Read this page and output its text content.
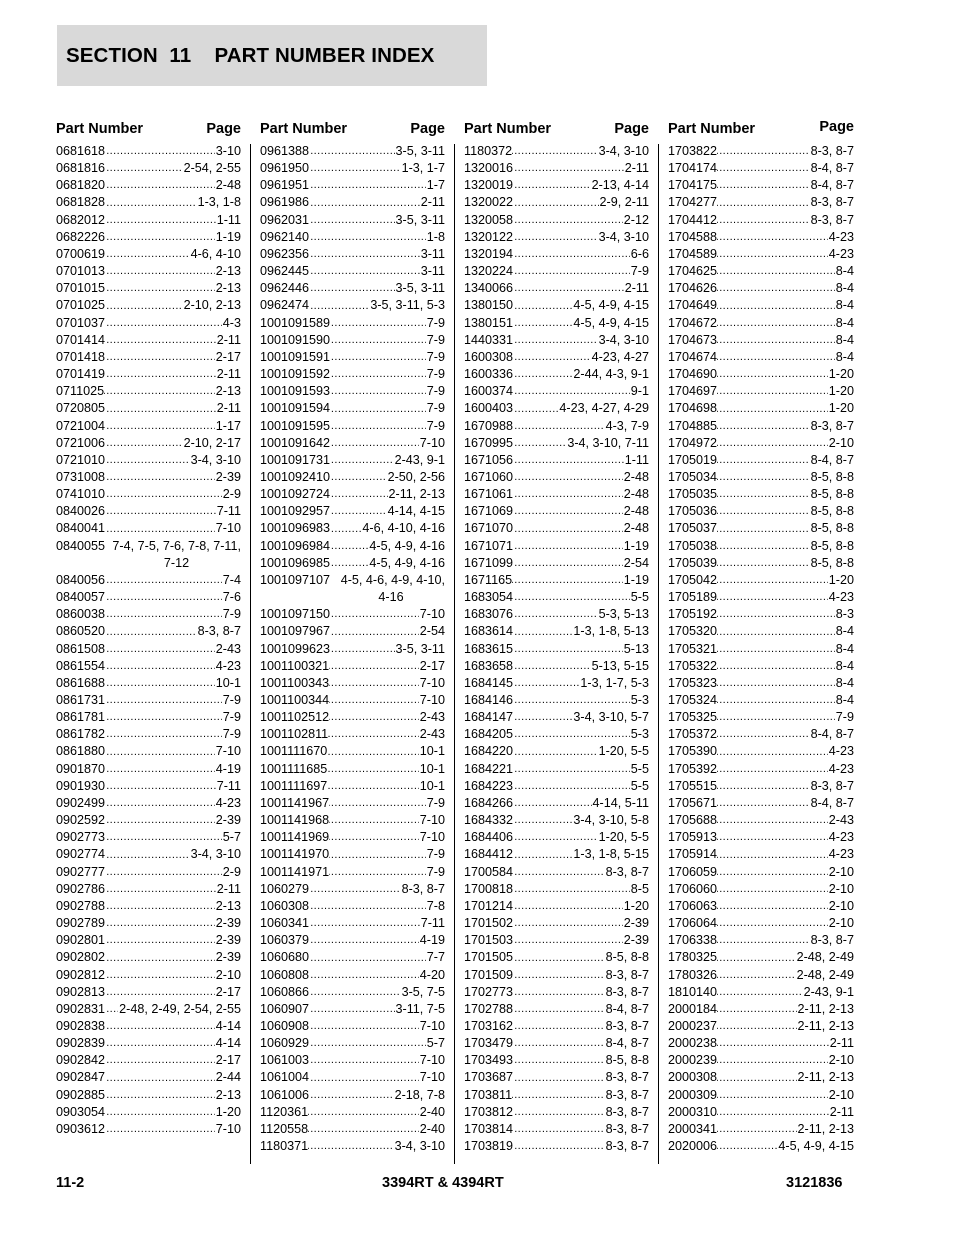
SECTION  11    PART NUMBER INDEX
Part Number	Page
0681618	..... 3-10
0681816	..... 2-54, 2-55
0681820	..... 2-48
0681828	..... 1-3, 1-8
0682012	..... 1-11
0682226	..... 1-19
0700619	..... 4-6, 4-10
0701013	..... 2-13
0701015	..... 2-13
0701025	..... 2-10, 2-13
0701037	..... 4-3
0701414	..... 2-11
0701418	..... 2-17
0701419	..... 2-11
0711025	..... 2-13
0720805	..... 2-11
0721004	..... 1-17
0721006	..... 2-10, 2-17
0721010	..... 3-4, 3-10
0731008	..... 2-39
0741010	..... 2-9
0840026	..... 7-11
0840041	..... 7-10
0840055 7-4, 7-5, 7-6, 7-8, 7-11, 7-12
0840056	..... 7-4
0840057	..... 7-6
0860038	..... 7-9
0860520	..... 8-3, 8-7
0861508	..... 2-43
0861554	..... 4-23
0861688	..... 10-1
0861731	..... 7-9
0861781	..... 7-9
0861782	..... 7-9
0861880	..... 7-10
0901870	..... 4-19
0901930	..... 7-11
0902499	..... 4-23
0902592	..... 2-39
0902773	..... 5-7
0902774	..... 3-4, 3-10
0902777	..... 2-9
0902786	..... 2-11
0902788	..... 2-13
0902789	..... 2-39
0902801	..... 2-39
0902802	..... 2-39
0902812	..... 2-10
0902813	..... 2-17
0902831	..... 2-48, 2-49, 2-54, 2-55
0902838	..... 4-14
0902839	..... 4-14
0902842	..... 2-17
0902847	..... 2-44
0902885	..... 2-13
0903054	..... 1-20
0903612	..... 7-10
Part Number	Page
0961388	..... 3-5, 3-11
0961950	..... 1-3, 1-7
0961951	..... 1-7
0961986	..... 2-11
0962031	..... 3-5, 3-11
0962140	..... 1-8
0962356	..... 3-11
0962445	..... 3-11
0962446	..... 3-5, 3-11
0962474	..... 3-5, 3-11, 5-3
1001091589	..... 7-9
1001091590	..... 7-9
1001091591	..... 7-9
1001091592	..... 7-9
1001091593	..... 7-9
1001091594	..... 7-9
1001091595	..... 7-9
1001091642	..... 7-10
1001091731	..... 2-43, 9-1
1001092410	..... 2-50, 2-56
1001092724	..... 2-11, 2-13
1001092957	..... 4-14, 4-15
1001096983	..... 4-6, 4-10, 4-16
1001096984	..... 4-5, 4-9, 4-16
1001096985	..... 4-5, 4-9, 4-16
1001097107 4-5, 4-6, 4-9, 4-10, 4-16
1001097150	..... 7-10
1001097967	..... 2-54
1001099623	..... 3-5, 3-11
1001100321	..... 2-17
1001100343	..... 7-10
1001100344	..... 7-10
1001102512	..... 2-43
1001102811	..... 2-43
1001111670	..... 10-1
1001111685	..... 10-1
1001111697	..... 10-1
1001141967	..... 7-9
1001141968	..... 7-10
1001141969	..... 7-10
1001141970	..... 7-9
1001141971	..... 7-9
1060279	..... 8-3, 8-7
1060308	..... 7-8
1060341	..... 7-11
1060379	..... 4-19
1060680	..... 7-7
1060808	..... 4-20
1060866	..... 3-5, 7-5
1060907	..... 3-11, 7-5
1060908	..... 7-10
1060929	..... 5-7
1061003	..... 7-10
1061004	..... 7-10
1061006	..... 2-18, 7-8
1120361	..... 2-40
1120558	..... 2-40
1180371	..... 3-4, 3-10
Part Number	Page
1180372	..... 3-4, 3-10
1320016	..... 2-11
1320019	..... 2-13, 4-14
1320022	..... 2-9, 2-11
1320058	..... 2-12
1320122	..... 3-4, 3-10
1320194	..... 6-6
1320224	..... 7-9
1340066	..... 2-11
1380150	..... 4-5, 4-9, 4-15
1380151	..... 4-5, 4-9, 4-15
1440331	..... 3-4, 3-10
1600308	..... 4-23, 4-27
1600336	..... 2-44, 4-3, 9-1
1600374	..... 9-1
1600403	..... 4-23, 4-27, 4-29
1670988	..... 4-3, 7-9
1670995	..... 3-4, 3-10, 7-11
1671056	..... 1-11
1671060	..... 2-48
1671061	..... 2-48
1671069	..... 2-48
1671070	..... 2-48
1671071	..... 1-19
1671099	..... 2-54
1671165	..... 1-19
1683054	..... 5-5
1683076	..... 5-3, 5-13
1683614	..... 1-3, 1-8, 5-13
1683615	..... 5-13
1683658	..... 5-13, 5-15
1684145	..... 1-3, 1-7, 5-3
1684146	..... 5-3
1684147	..... 3-4, 3-10, 5-7
1684205	..... 5-3
1684220	..... 1-20, 5-5
1684221	..... 5-5
1684223	..... 5-5
1684266	..... 4-14, 5-11
1684332	..... 3-4, 3-10, 5-8
1684406	..... 1-20, 5-5
1684412	..... 1-3, 1-8, 5-15
1700584	..... 8-3, 8-7
1700818	..... 8-5
1701214	..... 1-20
1701502	..... 2-39
1701503	..... 2-39
1701505	..... 8-5, 8-8
1701509	..... 8-3, 8-7
1702773	..... 8-3, 8-7
1702788	..... 8-4, 8-7
1703162	..... 8-3, 8-7
1703479	..... 8-4, 8-7
1703493	..... 8-5, 8-8
1703687	..... 8-3, 8-7
1703811	..... 8-3, 8-7
1703812	..... 8-3, 8-7
1703814	..... 8-3, 8-7
1703819	..... 8-3, 8-7
Part Number	Page
1703822	..... 8-3, 8-7
1704174	..... 8-4, 8-7
1704175	..... 8-4, 8-7
1704277	..... 8-3, 8-7
1704412	..... 8-3, 8-7
1704588	..... 4-23
1704589	..... 4-23
1704625	..... 8-4
1704626	..... 8-4
1704649	..... 8-4
1704672	..... 8-4
1704673	..... 8-4
1704674	..... 8-4
1704690	..... 1-20
1704697	..... 1-20
1704698	..... 1-20
1704885	..... 8-3, 8-7
1704972	..... 2-10
1705019	..... 8-4, 8-7
1705034	..... 8-5, 8-8
1705035	..... 8-5, 8-8
1705036	..... 8-5, 8-8
1705037	..... 8-5, 8-8
1705038	..... 8-5, 8-8
1705039	..... 8-5, 8-8
1705042	..... 1-20
1705189	..... 4-23
1705192	..... 8-3
1705320	..... 8-4
1705321	..... 8-4
1705322	..... 8-4
1705323	..... 8-4
1705324	..... 8-4
1705325	..... 7-9
1705372	..... 8-4, 8-7
1705390	..... 4-23
1705392	..... 4-23
1705515	..... 8-3, 8-7
1705671	..... 8-4, 8-7
1705688	..... 2-43
1705913	..... 4-23
1705914	..... 4-23
1706059	..... 2-10
1706060	..... 2-10
1706063	..... 2-10
1706064	..... 2-10
1706338	..... 8-3, 8-7
1780325	..... 2-48, 2-49
1780326	..... 2-48, 2-49
1810140	..... 2-43, 9-1
2000184	..... 2-11, 2-13
2000237	..... 2-11, 2-13
2000238	..... 2-11
2000239	..... 2-10
2000308	..... 2-11, 2-13
2000309	..... 2-10
2000310	..... 2-11
2000341	..... 2-11, 2-13
2020006	..... 4-5, 4-9, 4-15
11-2	3394RT & 4394RT	3121836
